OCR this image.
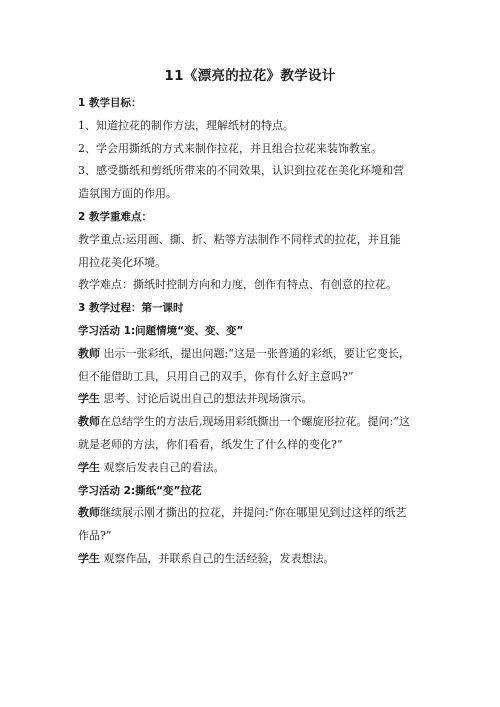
11《漂亮的拉花》教学设计
1 教学目标：
1、知道拉花的制作方法，理解纸材的特点。
2、学会用撕纸的方式来制作拉花，并且组合拉花来装饰教室。
3、感受撕纸和剪纸所带来的不同效果，认识到拉花在美化环境和营
造氛围方面的作用。
2 教学重难点：
教学重点:运用画、撕、折、粘等方法制作不同样式的拉花，并且能
用拉花美化环境。
教学难点：撕纸时控制方向和力度，创作有特点、有创意的拉花。
3 教学过程：第一课时
学习活动 1:问题情境“变、变、变”
教师 出示一张彩纸，提出问题:“这是一张普通的彩纸，要让它变长，
但不能借助工具，只用自己的双手，你有什么好主意吗?”
学生 思考、讨论后说出自己的想法并现场演示。
教师在总结学生的方法后,现场用彩纸撕出一个螺旋形拉花。提问:“这
就是老师的方法，你们看看，纸发生了什么样的变化?”
学生 观察后发表自己的看法。
学习活动 2:撕纸“变”拉花
教师继续展示刚才撕出的拉花，并提问:“你在哪里见到过这样的纸艺
作品?”
学生 观察作品，并联系自己的生活经验，发表想法。
